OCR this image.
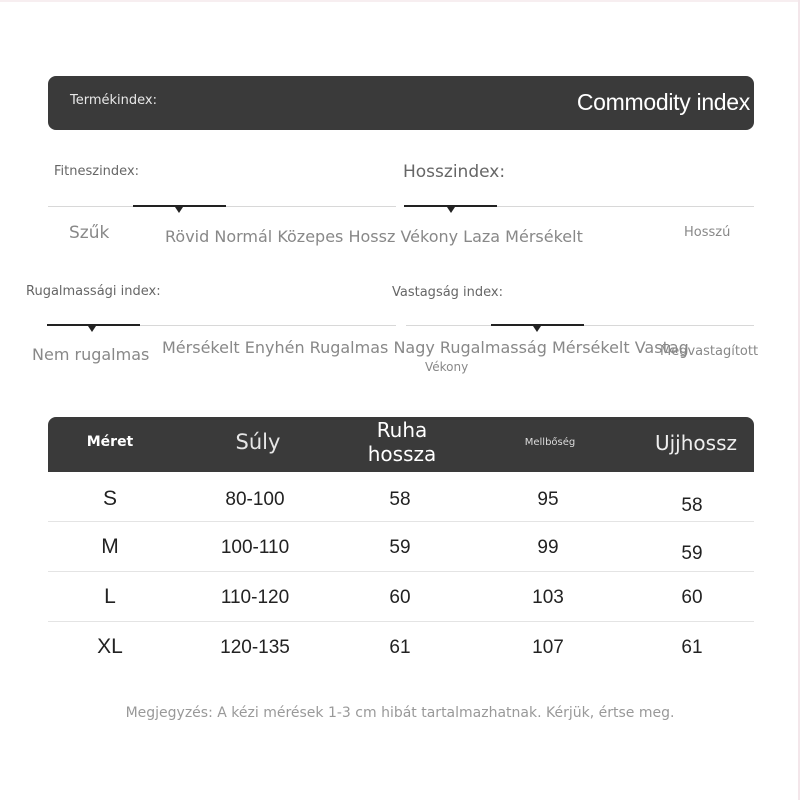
Termékindex:	Commodity index
Fitneszindex:
Szűk	Rövid Normál Közepes Hossz Vékony Laza Mérsékelt
Hosszindex:
Hosszú
Rugalmassági index:
Nem rugalmas Mérsékelt Enyhén Rugalmas Nagy Rugalmasság Mérsékelt Vastag
Vastagság index:
Vékony
Megvastagított
Méret	Súly	Ruha hossza	Mellbőség	Ujjhossz
S	80-100	58	95	58
M	100-110	59	99	59
L	110-120	60	103	60
XL	120-135	61	107	61
Megjegyzés: A kézi mérések 1-3 cm hibát tartalmazhatnak. Kérjük, értse meg.
